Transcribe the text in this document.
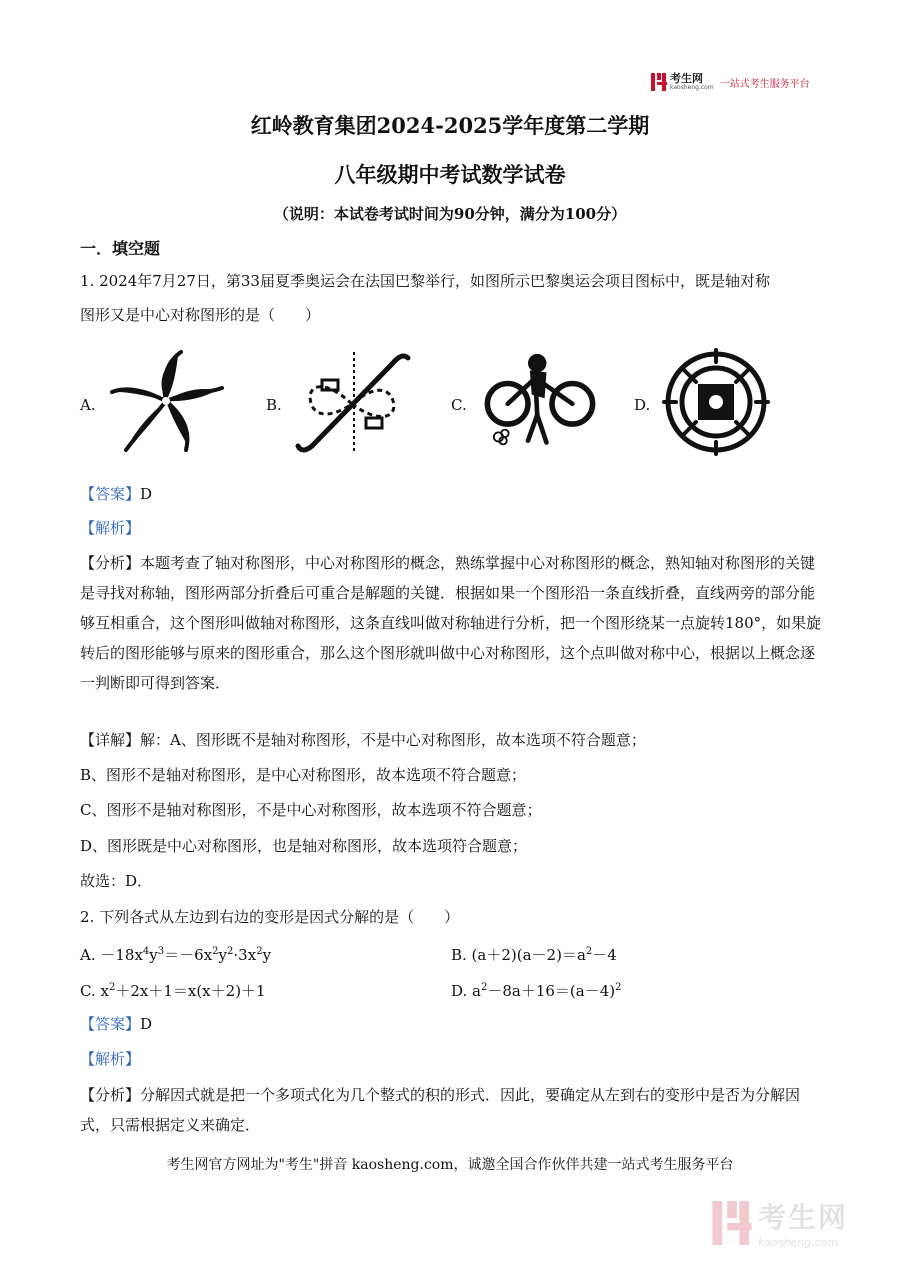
考生网
kaosheng.com 一站式考生服务平台
红岭教育集团2024-2025学年度第二学期
八年级期中考试数学试卷
（说明：本试卷考试时间为90分钟，满分为100分）
一．填空题
1. 2024年7月27日，第33届夏季奥运会在法国巴黎举行，如图所示巴黎奥运会项目图标中，既是轴对称
图形又是中心对称图形的是（　　）
A.	B.	C.	D.
【答案】D
【解析】
【分析】本题考查了轴对称图形，中心对称图形的概念，熟练掌握中心对称图形的概念，熟知轴对称图形的关键是寻找对称轴，图形两部分折叠后可重合是解题的关键．根据如果一个图形沿一条直线折叠，直线两旁的部分能够互相重合，这个图形叫做轴对称图形，这条直线叫做对称轴进行分析，把一个图形绕某一点旋转180°，如果旋转后的图形能够与原来的图形重合，那么这个图形就叫做中心对称图形，这个点叫做对称中心，根据以上概念逐一判断即可得到答案．
【详解】解：A、图形既不是轴对称图形，不是中心对称图形，故本选项不符合题意；
B、图形不是轴对称图形，是中心对称图形，故本选项不符合题意；
C、图形不是轴对称图形，不是中心对称图形，故本选项不符合题意；
D、图形既是中心对称图形，也是轴对称图形，故本选项符合题意；
故选：D．
2. 下列各式从左边到右边的变形是因式分解的是（　　）
A. $-18x^4y^3=-6x^2y^2\cdot 3x^2y$	B. $(a+2)(a-2)=a^2-4$
C. $x^2+2x+1=x(x+2)+1$	D. $a^2-8a+16=(a-4)^2$
【答案】D
【解析】
【分析】分解因式就是把一个多项式化为几个整式的积的形式．因此，要确定从左到右的变形中是否为分解因式，只需根据定义来确定．
考生网官方网址为"考生"拼音 kaosheng.com，诚邀全国合作伙伴共建一站式考生服务平台
考生网
kaosheng.com
